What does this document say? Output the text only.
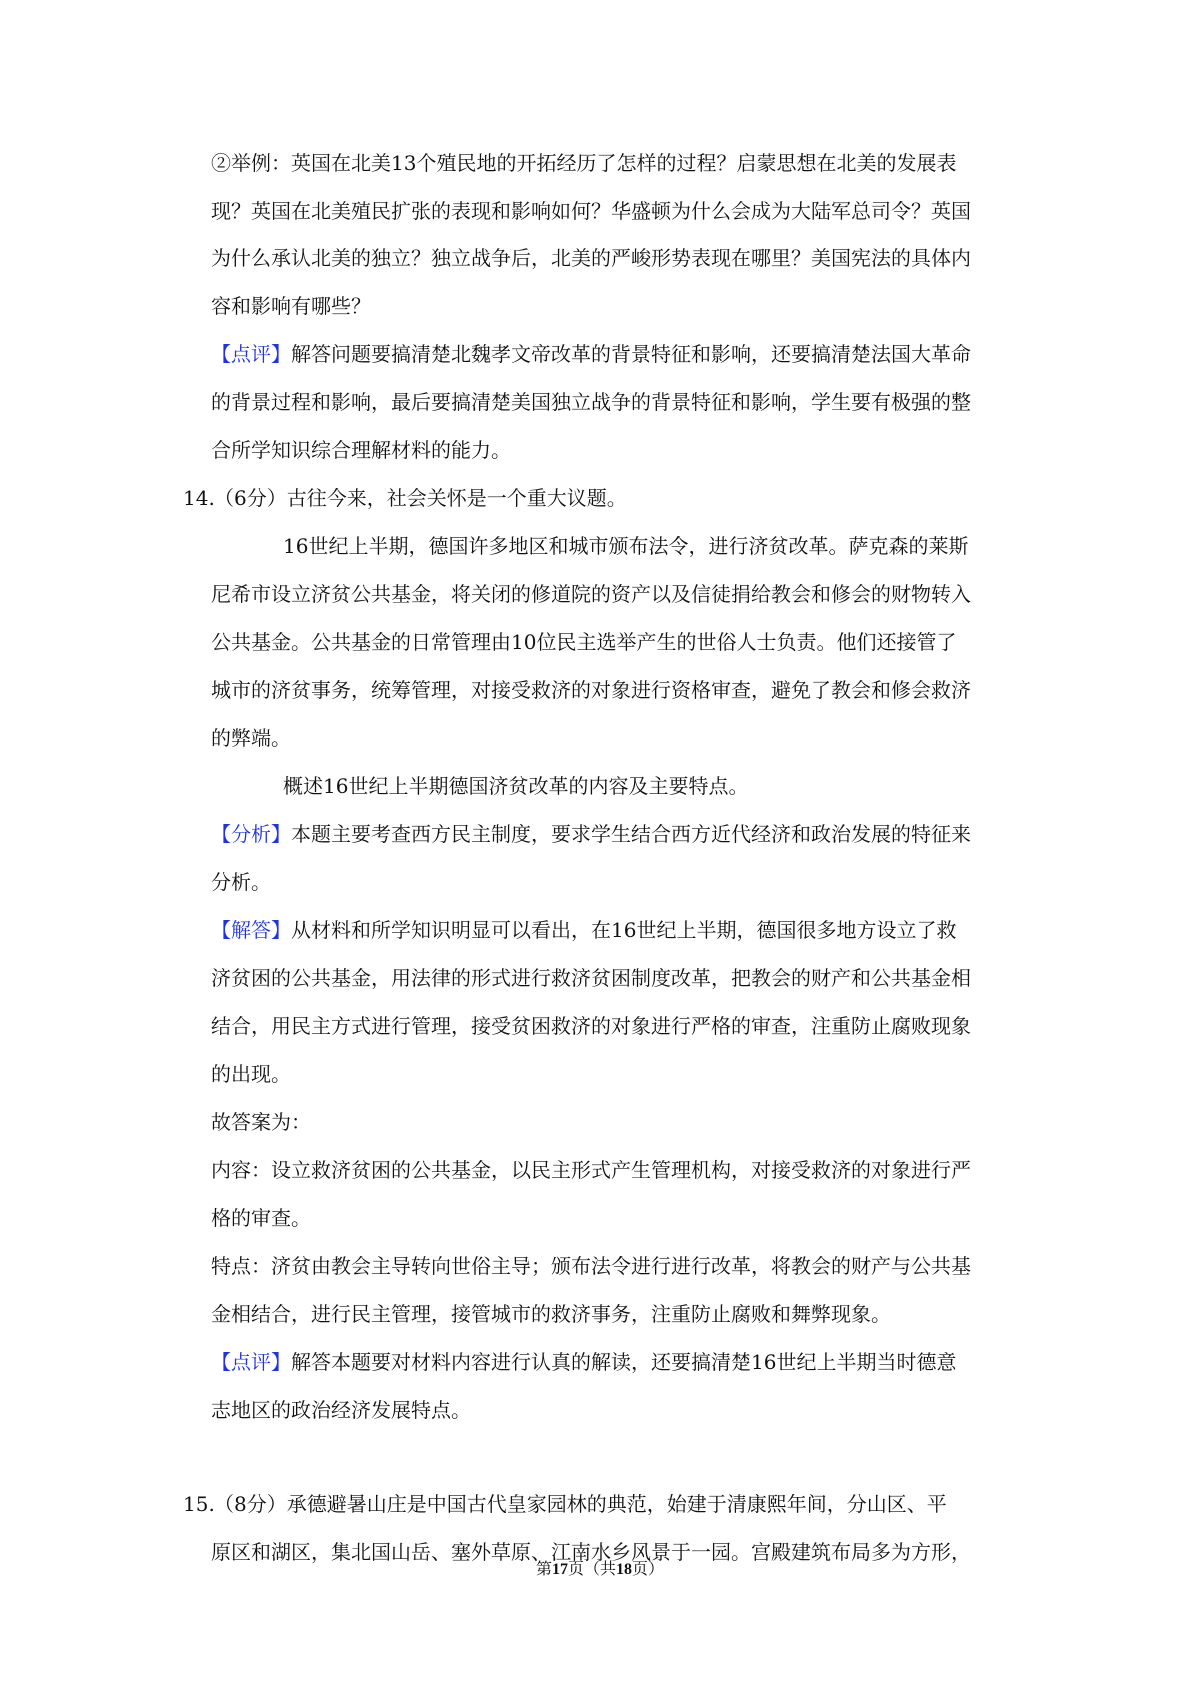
②举例：英国在北美13个殖民地的开拓经历了怎样的过程？启蒙思想在北美的发展表
现？英国在北美殖民扩张的表现和影响如何？华盛顿为什么会成为大陆军总司令？英国
为什么承认北美的独立？独立战争后，北美的严峻形势表现在哪里？美国宪法的具体内
容和影响有哪些？
【点评】解答问题要搞清楚北魏孝文帝改革的背景特征和影响，还要搞清楚法国大革命
的背景过程和影响，最后要搞清楚美国独立战争的背景特征和影响，学生要有极强的整
合所学知识综合理解材料的能力。
14. （6分）古往今来，社会关怀是一个重大议题。
16世纪上半期，德国许多地区和城市颁布法令，进行济贫改革。萨克森的莱斯
尼希市设立济贫公共基金，将关闭的修道院的资产以及信徒捐给教会和修会的财物转入
公共基金。公共基金的日常管理由10位民主选举产生的世俗人士负责。他们还接管了
城市的济贫事务，统筹管理，对接受救济的对象进行资格审查，避免了教会和修会救济
的弊端。
概述16世纪上半期德国济贫改革的内容及主要特点。
【分析】本题主要考查西方民主制度，要求学生结合西方近代经济和政治发展的特征来
分析。
【解答】从材料和所学知识明显可以看出，在16世纪上半期，德国很多地方设立了救
济贫困的公共基金，用法律的形式进行救济贫困制度改革，把教会的财产和公共基金相
结合，用民主方式进行管理，接受贫困救济的对象进行严格的审查，注重防止腐败现象
的出现。
故答案为：
内容：设立救济贫困的公共基金，以民主形式产生管理机构，对接受救济的对象进行严
格的审查。
特点：济贫由教会主导转向世俗主导；颁布法令进行进行改革，将教会的财产与公共基
金相结合，进行民主管理，接管城市的救济事务，注重防止腐败和舞弊现象。
【点评】解答本题要对材料内容进行认真的解读，还要搞清楚16世纪上半期当时德意
志地区的政治经济发展特点。
15. （8分）承德避暑山庄是中国古代皇家园林的典范，始建于清康熙年间，分山区、平
原区和湖区，集北国山岳、塞外草原、江南水乡风景于一园。宫殿建筑布局多为方形，
第17页（共18页）
